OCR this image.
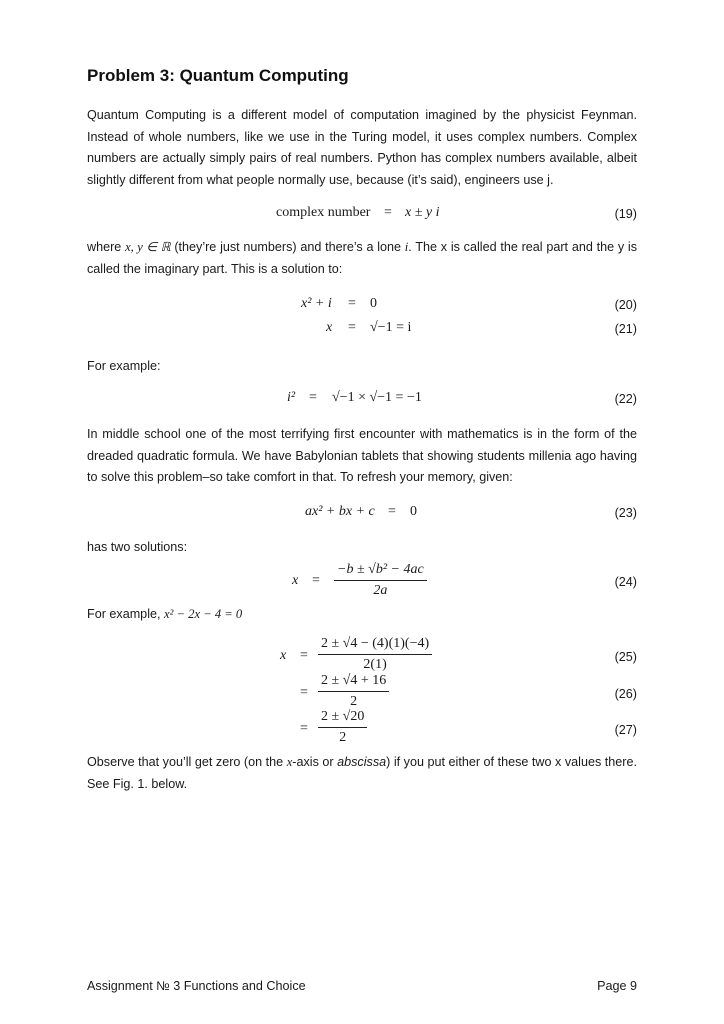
Problem 3: Quantum Computing

Quantum Computing is a different model of computation imagined by the physicist Feynman. Instead of whole numbers, like we use in the Turing model, it uses complex numbers. Complex numbers are actually simply pairs of real numbers. Python has complex numbers available, albeit slightly different from what people normally use, because (it’s said), engineers use j.

complex number = x ± y i	(19)

where x, y ∈ ℝ (they’re just numbers) and there’s a lone i. The x is called the real part and the y is called the imaginary part. This is a solution to:

x² + i = 0	(20)
x = √−1 = i	(21)

For example:

i² = √−1 × √−1 = −1	(22)

In middle school one of the most terrifying first encounter with mathematics is in the form of the dreaded quadratic formula. We have Babylonian tablets that showing students millenia ago having to solve this problem–so take comfort in that. To refresh your memory, given:

ax² + bx + c = 0	(23)

has two solutions:

$x = \frac{\text{−b ± √b² − 4ac}}{2a}$	(24)

For example, x² − 2x − 4 = 0

$x = \frac{2 \pm √4 - (4)(1)(-4)}{2(1)}$	(25)
= $\frac{2 \pm √4 + 16}{2}$	(26)
= $\frac{2 \pm √20}{2}$	(27)

Observe that you’ll get zero (on the x-axis or abscissa) if you put either of these two x values there. See Fig. 1. below.

Assignment № 3 Functions and Choice	Page 9
